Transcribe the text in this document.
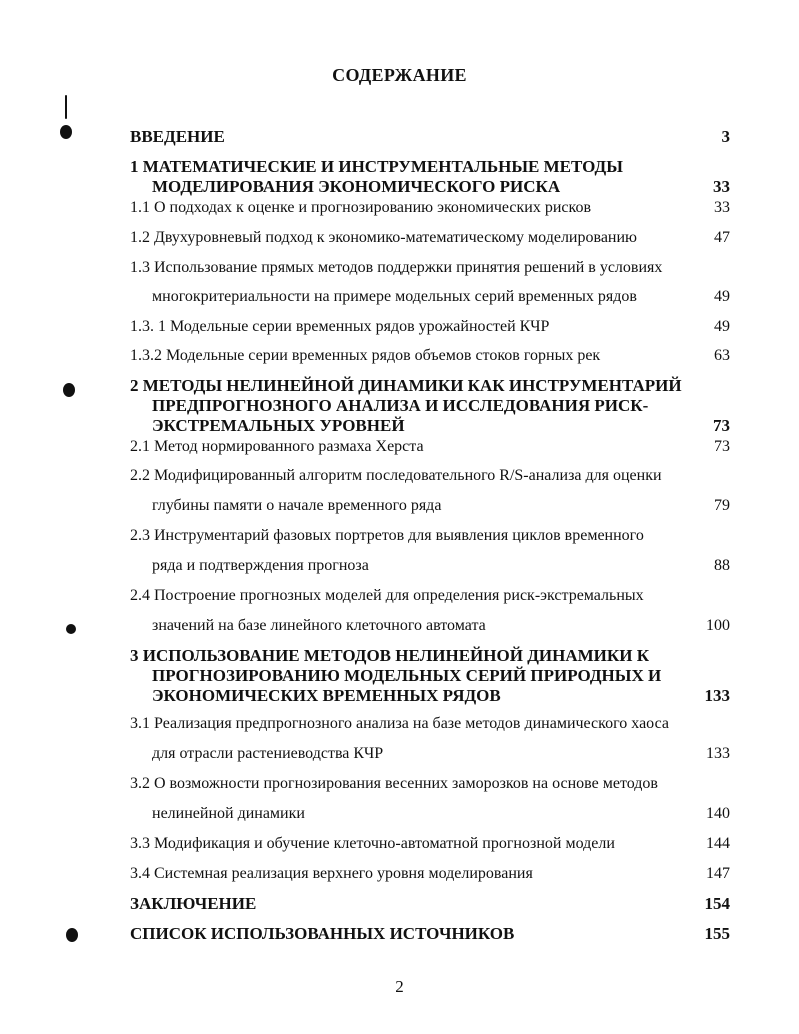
СОДЕРЖАНИЕ
ВВЕДЕНИЕ	3
1 МАТЕМАТИЧЕСКИЕ И ИНСТРУМЕНТАЛЬНЫЕ МЕТОДЫ
МОДЕЛИРОВАНИЯ ЭКОНОМИЧЕСКОГО РИСКА	33
1.1 О подходах к оценке и прогнозированию экономических рисков	33
1.2 Двухуровневый подход к экономико-математическому моделированию	47
1.3 Использование прямых методов поддержки принятия решений в условиях
многокритериальности на примере модельных серий временных рядов	49
1.3. 1 Модельные серии временных рядов урожайностей КЧР	49
1.3.2 Модельные серии временных рядов объемов стоков горных рек	63
2 МЕТОДЫ НЕЛИНЕЙНОЙ ДИНАМИКИ КАК ИНСТРУМЕНТАРИЙ
ПРЕДПРОГНОЗНОГО АНАЛИЗА И ИССЛЕДОВАНИЯ РИСК-
ЭКСТРЕМАЛЬНЫХ УРОВНЕЙ	73
2.1 Метод нормированного размаха Херста	73
2.2 Модифицированный алгоритм последовательного R/S-анализа для оценки
глубины памяти о начале временного ряда	79
2.3 Инструментарий фазовых портретов для выявления циклов временного
ряда и подтверждения прогноза	88
2.4 Построение прогнозных моделей для определения риск-экстремальных
значений на базе линейного клеточного автомата	100
3 ИСПОЛЬЗОВАНИЕ МЕТОДОВ НЕЛИНЕЙНОЙ ДИНАМИКИ К
ПРОГНОЗИРОВАНИЮ МОДЕЛЬНЫХ СЕРИЙ ПРИРОДНЫХ И
ЭКОНОМИЧЕСКИХ ВРЕМЕННЫХ РЯДОВ	133
3.1 Реализация предпрогнозного анализа на базе методов динамического хаоса
для отрасли растениеводства КЧР	133
3.2 О возможности прогнозирования весенних заморозков на основе методов
нелинейной динамики	140
3.3 Модификация и обучение клеточно-автоматной прогнозной модели	144
3.4 Системная реализация верхнего уровня моделирования	147
ЗАКЛЮЧЕНИЕ	154
СПИСОК ИСПОЛЬЗОВАННЫХ ИСТОЧНИКОВ	155
2
